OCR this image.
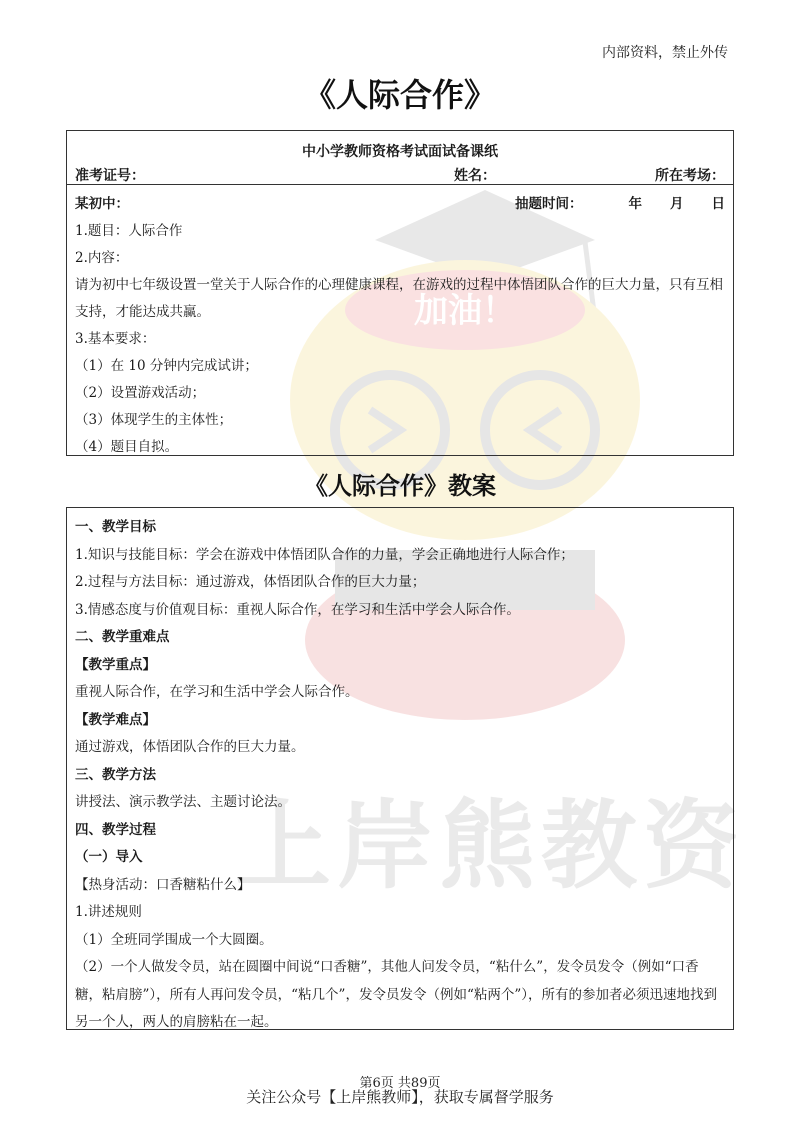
加油！
上岸熊教资
内部资料，禁止外传
《人际合作》
中小学教师资格考试面试备课纸
准考证号：	姓名：	所在考场：
某初中：	抽题时间：	年 月 日
1.题目：人际合作
2.内容：
请为初中七年级设置一堂关于人际合作的心理健康课程，在游戏的过程中体悟团队合作的巨大力量，只有互相支持，才能达成共赢。
3.基本要求：
（1）在 10 分钟内完成试讲；
（2）设置游戏活动；
（3）体现学生的主体性；
（4）题目自拟。
《人际合作》教案
一、教学目标
1.知识与技能目标：学会在游戏中体悟团队合作的力量，学会正确地进行人际合作；
2.过程与方法目标：通过游戏，体悟团队合作的巨大力量；
3.情感态度与价值观目标：重视人际合作，在学习和生活中学会人际合作。
二、教学重难点
【教学重点】
重视人际合作，在学习和生活中学会人际合作。
【教学难点】
通过游戏，体悟团队合作的巨大力量。
三、教学方法
讲授法、演示教学法、主题讨论法。
四、教学过程
（一）导入
【热身活动：口香糖粘什么】
1.讲述规则
（1）全班同学围成一个大圆圈。
（2）一个人做发令员，站在圆圈中间说“口香糖”，其他人问发令员，“粘什么”，发令员发令（例如“口香糖，粘肩膀”），所有人再问发令员，“粘几个”，发令员发令（例如“粘两个”），所有的参加者必须迅速地找到另一个人，两人的肩膀粘在一起。
第6页 共89页
关注公众号【上岸熊教师】，获取专属督学服务
